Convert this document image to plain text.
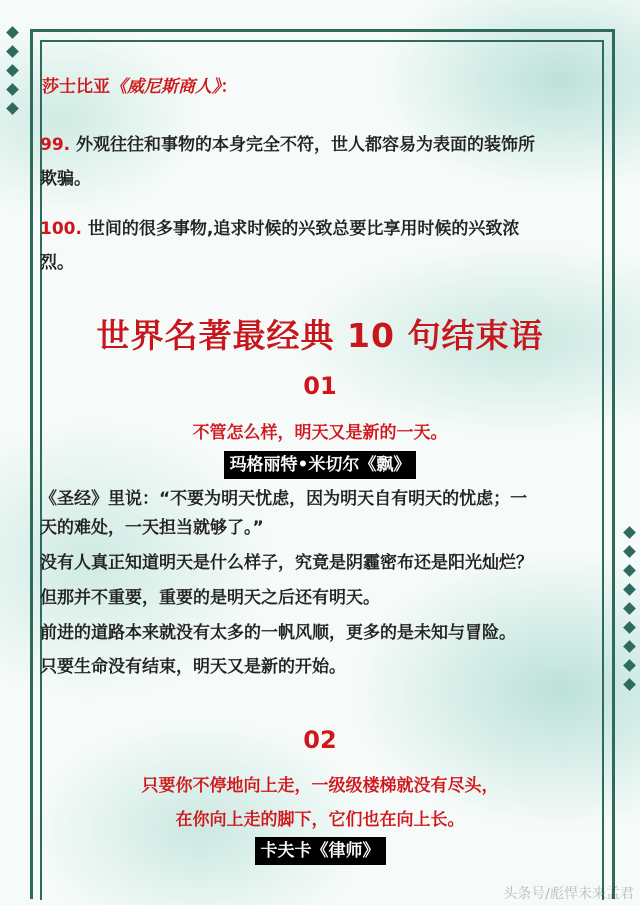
莎士比亚《威尼斯商人》：
99. 外观往往和事物的本身完全不符，世人都容易为表面的装饰所
欺骗。
100. 世间的很多事物,追求时候的兴致总要比享用时候的兴致浓
烈。
世界名著最经典 10 句结束语
01
不管怎么样，明天又是新的一天。
玛格丽特•米切尔《飘》
《圣经》里说：“不要为明天忧虑，因为明天自有明天的忧虑；一
天的难处，一天担当就够了。”
没有人真正知道明天是什么样子，究竟是阴霾密布还是阳光灿烂？
但那并不重要，重要的是明天之后还有明天。
前进的道路本来就没有太多的一帆风顺，更多的是未知与冒险。
只要生命没有结束，明天又是新的开始。
02
只要你不停地向上走，一级级楼梯就没有尽头，
在你向上走的脚下，它们也在向上长。
卡夫卡《律师》
头条号/彪悍未来孟君
